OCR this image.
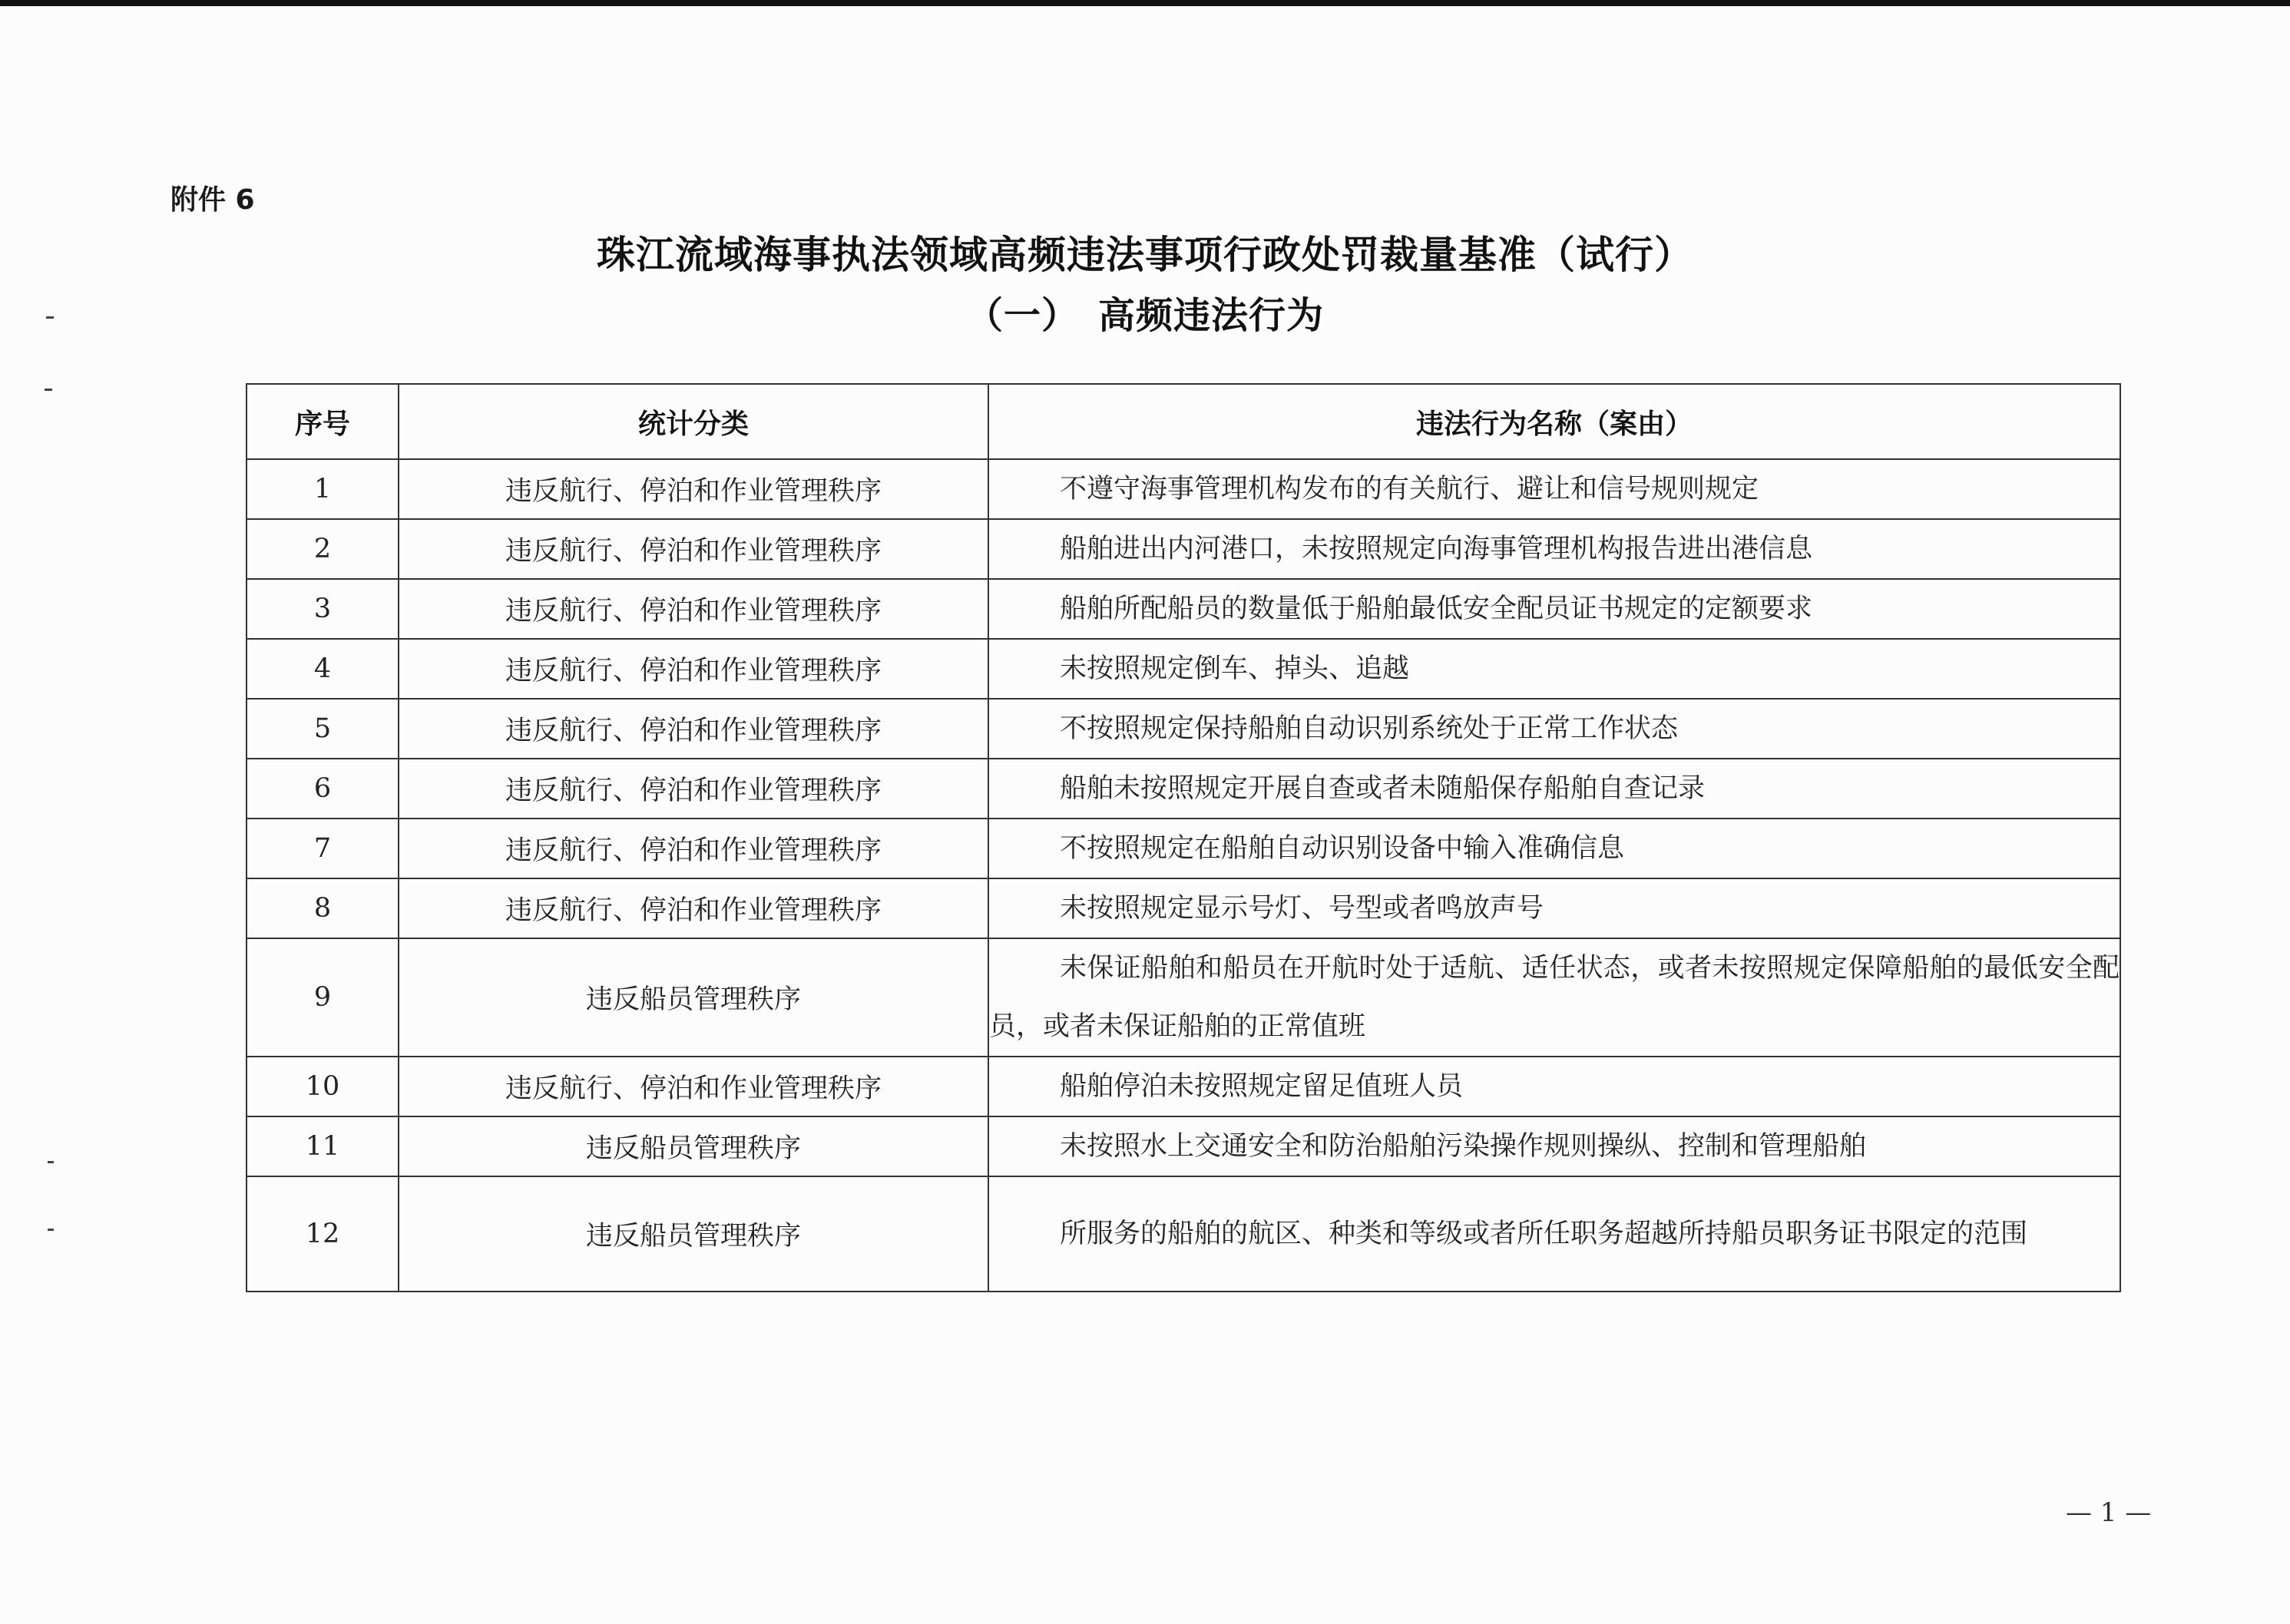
附件 6
珠江流域海事执法领域高频违法事项行政处罚裁量基准（试行）
（一）　高频违法行为
序号	统计分类	违法行为名称（案由）
1	违反航行、停泊和作业管理秩序	不遵守海事管理机构发布的有关航行、避让和信号规则规定
2	违反航行、停泊和作业管理秩序	船舶进出内河港口，未按照规定向海事管理机构报告进出港信息
3	违反航行、停泊和作业管理秩序	船舶所配船员的数量低于船舶最低安全配员证书规定的定额要求
4	违反航行、停泊和作业管理秩序	未按照规定倒车、掉头、追越
5	违反航行、停泊和作业管理秩序	不按照规定保持船舶自动识别系统处于正常工作状态
6	违反航行、停泊和作业管理秩序	船舶未按照规定开展自查或者未随船保存船舶自查记录
7	违反航行、停泊和作业管理秩序	不按照规定在船舶自动识别设备中输入准确信息
8	违反航行、停泊和作业管理秩序	未按照规定显示号灯、号型或者鸣放声号
9	违反船员管理秩序	未保证船舶和船员在开航时处于适航、适任状态，或者未按照规定保障船舶的最低安全配员，或者未保证船舶的正常值班
10	违反航行、停泊和作业管理秩序	船舶停泊未按照规定留足值班人员
11	违反船员管理秩序	未按照水上交通安全和防治船舶污染操作规则操纵、控制和管理船舶
12	违反船员管理秩序	所服务的船舶的航区、种类和等级或者所任职务超越所持船员职务证书限定的范围
— 1 —
